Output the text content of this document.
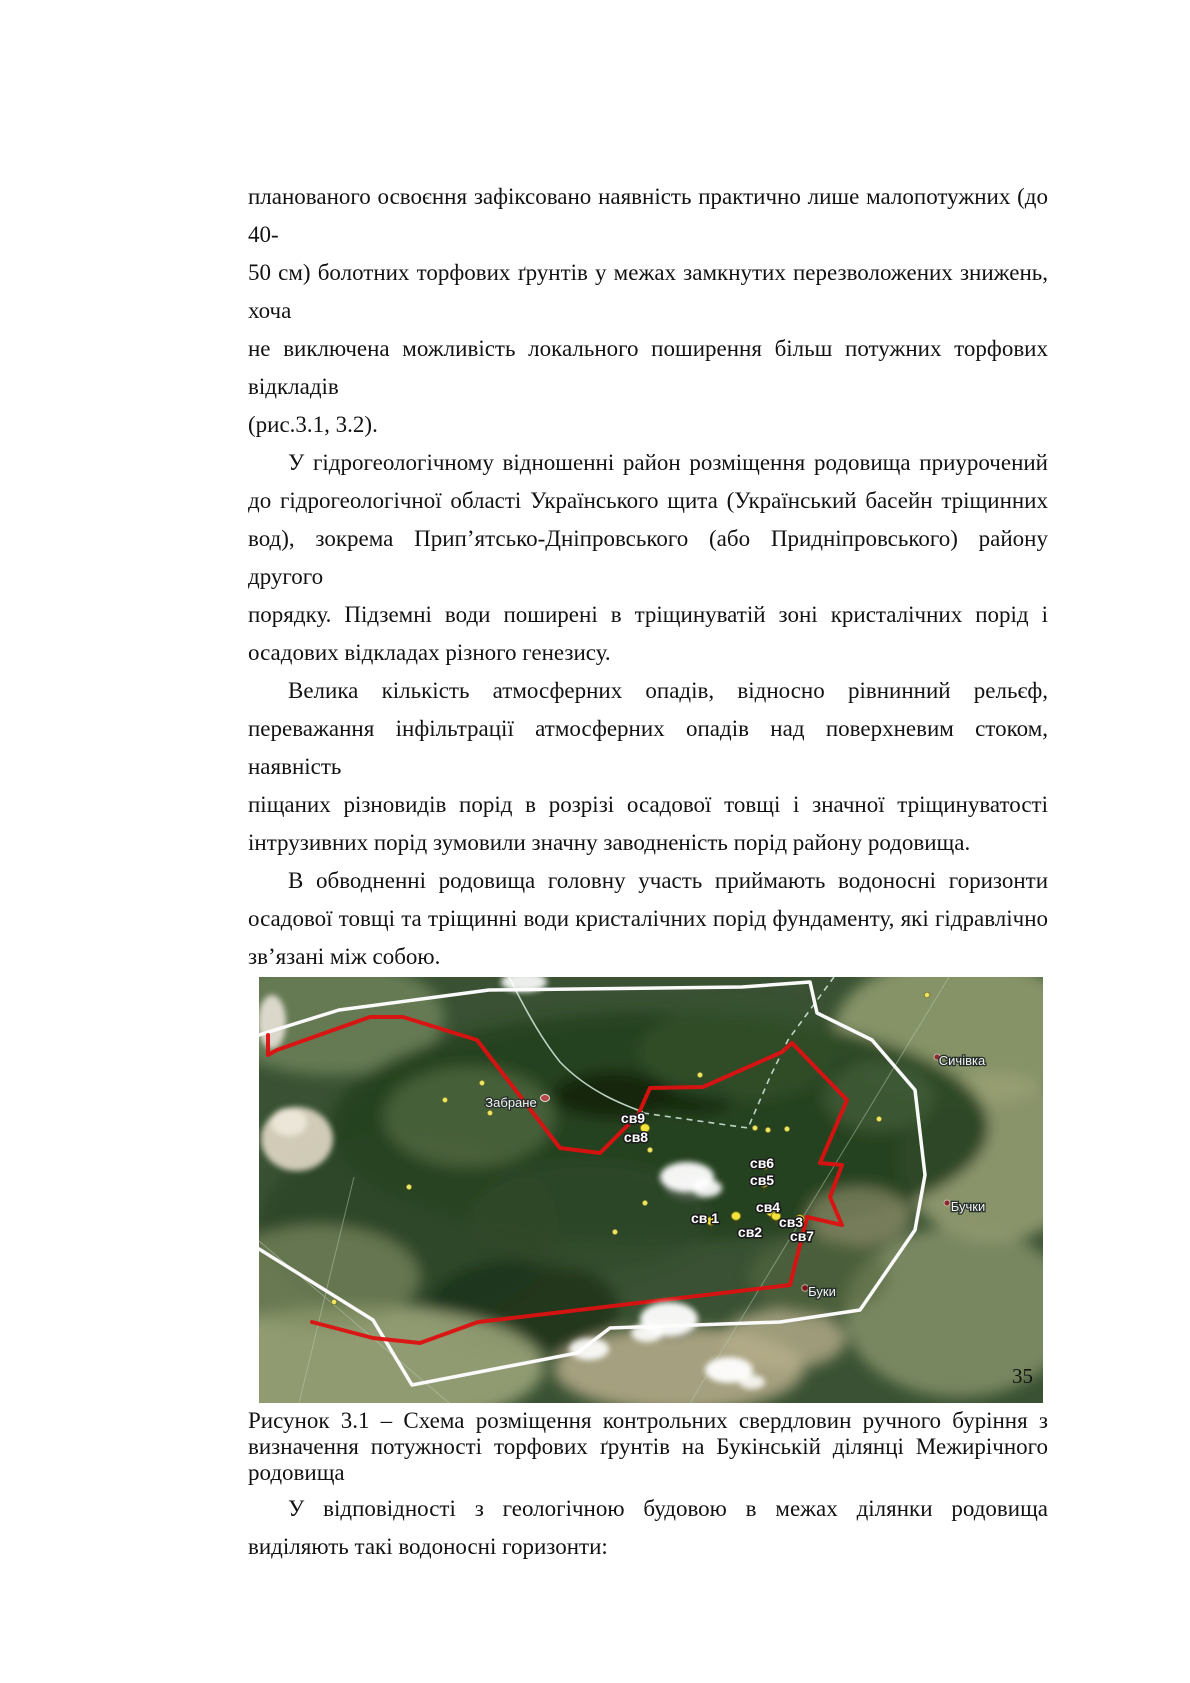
планованого освоєння зафіксовано наявність практично лише малопотужних (до 40-
50 см) болотних торфових ґрунтів у межах замкнутих перезволожених знижень, хоча
не виключена можливість локального поширення більш потужних торфових відкладів
(рис.3.1, 3.2).
У гідрогеологічному відношенні район розміщення родовища приурочений
до гідрогеологічної області Українського щита (Український басейн тріщинних
вод), зокрема Прип’ятсько-Дніпровського (або Придніпровського) району другого
порядку. Підземні води поширені в тріщинуватій зоні кристалічних порід і
осадових відкладах різного генезису.
Велика кількість атмосферних опадів, відносно рівнинний рельєф,
переважання інфільтрації атмосферних опадів над поверхневим стоком, наявність
піщаних різновидів порід в розрізі осадової товщі і значної тріщинуватості
інтрузивних порід зумовили значну заводненість порід району родовища.
В обводненні родовища головну участь приймають водоносні горизонти
осадової товщі та тріщинні води кристалічних порід фундаменту, які гідравлічно
зв’язані між собою.
св9
св8
св6
св5
св4
св 1
св2
св3
св7
Сичівка
Забране
Бучки
Буки
Рисунок 3.1 – Схема розміщення контрольних свердловин ручного буріння з
визначення потужності торфових ґрунтів на Букінській ділянці Межирічного
родовища
У відповідності з геологічною будовою в межах ділянки родовища
виділяють такі водоносні горизонти:
35
